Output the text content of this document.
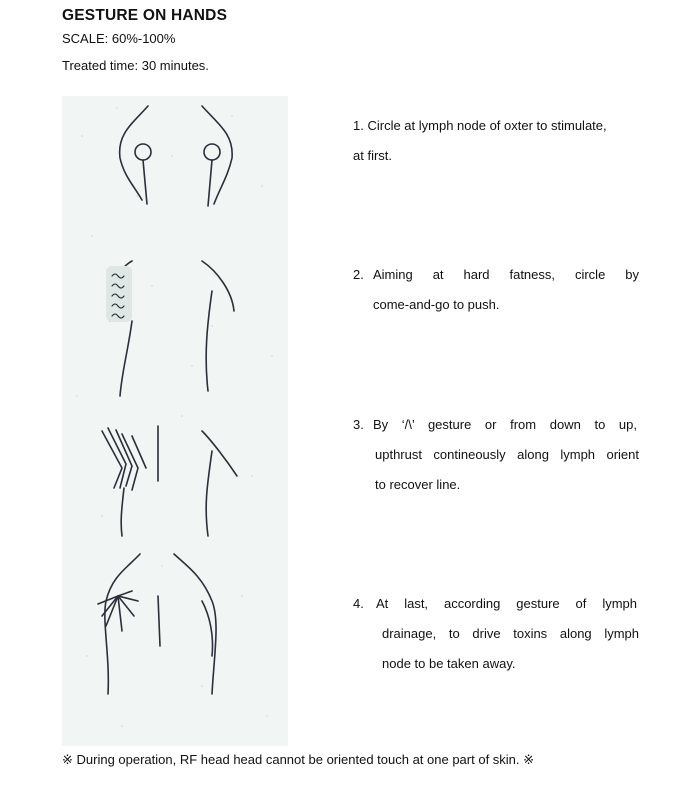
GESTURE ON HANDS
SCALE: 60%-100%
Treated time: 30 minutes.
1. Circle at lymph node of oxter to stimulate,
at first.
2. Aiming at hard fatness, circle by

come-and-go to push.
3. By ‘/\’ gesture or from down to up,

upthrust contineously along lymph orient
to recover line.
4. At last, according gesture of lymph

drainage, to drive toxins along lymph
node to be taken away.
※ During operation, RF head head cannot be oriented touch at one part of skin. ※
